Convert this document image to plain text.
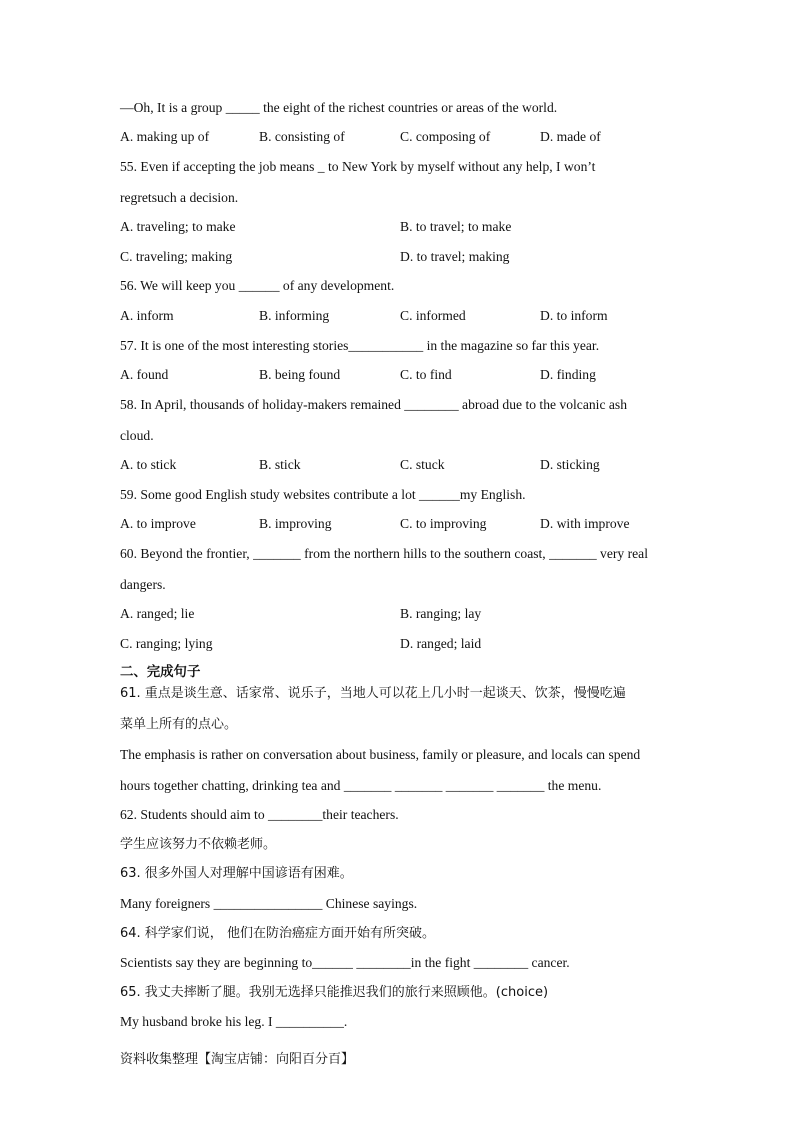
—Oh, It is a group _____ the eight of the richest countries or areas of the world.
A. making up of	B. consisting of	C. composing of	D. made of
55. Even if accepting the job means _ to New York by myself without any help, I won’t
regretsuch a decision.
A. traveling; to make	B. to travel; to make
C. traveling; making	D. to travel; making
56. We will keep you ______ of any development.
A. inform	B. informing	C. informed	D. to inform
57. It is one of the most interesting stories___________ in the magazine so far this year.
A. found	B. being found	C. to find	D. finding
58. In April, thousands of holiday-makers remained ________ abroad due to the volcanic ash
cloud.
A. to stick	B. stick	C. stuck	D. sticking
59. Some good English study websites contribute a lot ______my English.
A. to improve	B. improving	C. to improving	D. with improve
60. Beyond the frontier, _______ from the northern hills to the southern coast, _______ very real
dangers.
A. ranged; lie	B. ranging; lay
C. ranging; lying	D. ranged; laid
二、完成句子
61. 重点是谈生意、话家常、说乐子，当地人可以花上几小时一起谈天、饮茶，慢慢吃遍
菜单上所有的点心。
The emphasis is rather on conversation about business, family or pleasure, and locals can spend
hours together chatting, drinking tea and _______ _______ _______ _______ the menu.
62. Students should aim to ________their teachers.
学生应该努力不依赖老师。
63. 很多外国人对理解中国谚语有困难。
Many foreigners ________________ Chinese sayings.
64. 科学家们说， 他们在防治癌症方面开始有所突破。
Scientists say they are beginning to______ ________in the fight ________ cancer.
65. 我丈夫摔断了腿。我别无选择只能推迟我们的旅行来照顾他。(choice)
My husband broke his leg. I __________.
资料收集整理【淘宝店铺：向阳百分百】
